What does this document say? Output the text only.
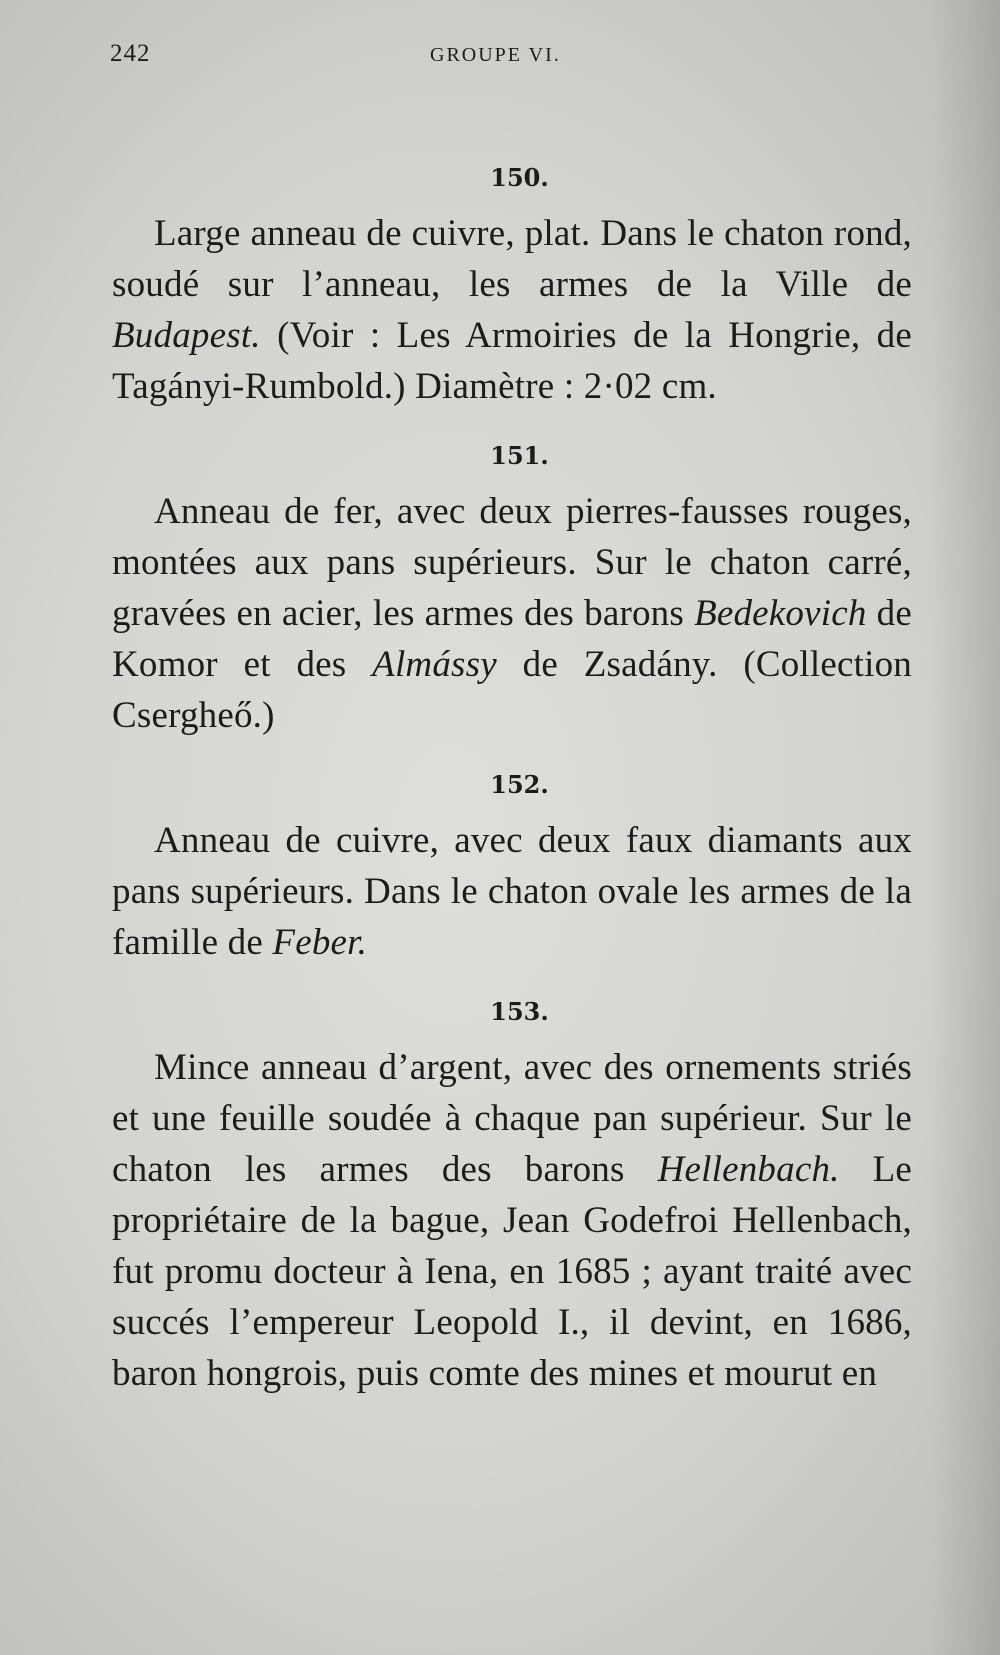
242	GROUPE VI.
150.

Large anneau de cuivre, plat. Dans le chaton rond, soudé sur l’anneau, les armes de la Ville de Budapest. (Voir : Les Armoiries de la Hongrie, de Tagányi-Rumbold.) Diamètre : 2·02 cm.

151.

Anneau de fer, avec deux pierres-fausses rouges, montées aux pans supérieurs. Sur le chaton carré, gravées en acier, les armes des barons Bedekovich de Komor et des Almássy de Zsadány. (Collection Csergheő.)

152.

Anneau de cuivre, avec deux faux diamants aux pans supérieurs. Dans le chaton ovale les armes de la famille de Feber.

153.

Mince anneau d’argent, avec des ornements striés et une feuille soudée à chaque pan supérieur. Sur le chaton les armes des barons Hellenbach. Le propriétaire de la bague, Jean Godefroi Hellenbach, fut promu docteur à Iena, en 1685 ; ayant traité avec succés l’empereur Leopold I., il devint, en 1686, baron hongrois, puis comte des mines et mourut en
